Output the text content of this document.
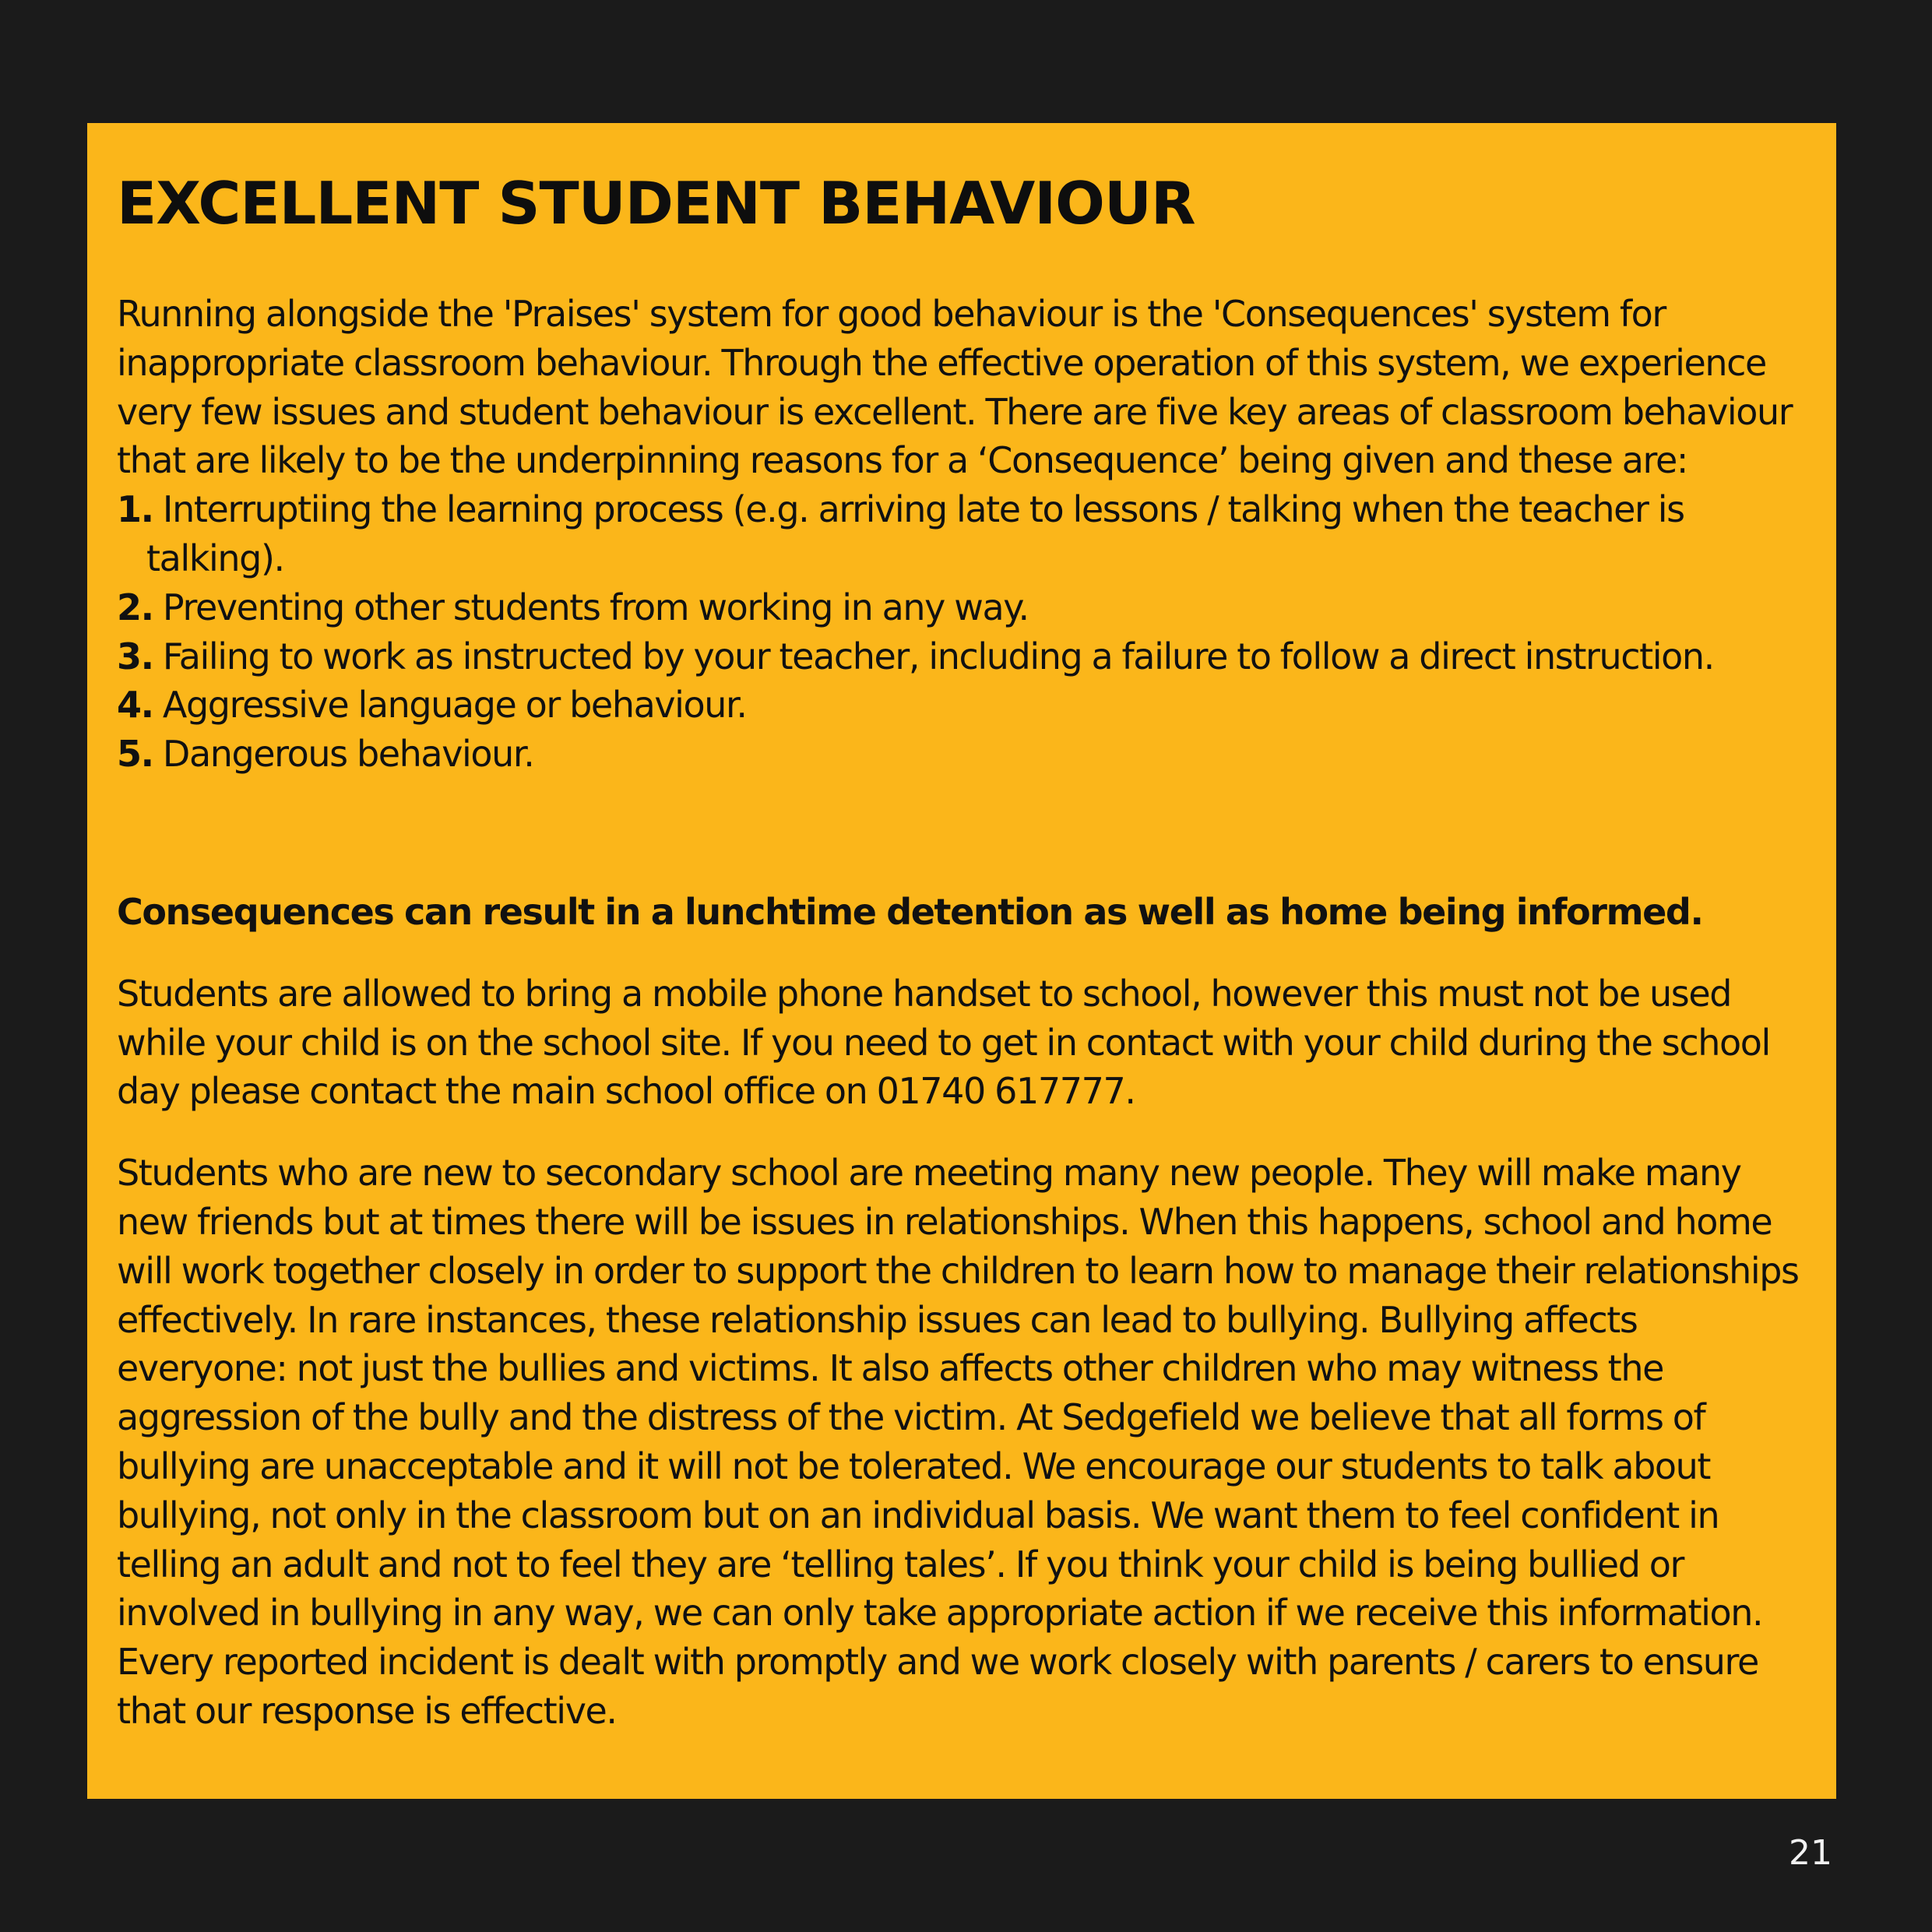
EXCELLENT STUDENT BEHAVIOUR

Running alongside the 'Praises' system for good behaviour is the 'Consequences' system for inappropriate classroom behaviour. Through the effective operation of this system, we experience very few issues and student behaviour is excellent. There are five key areas of classroom behaviour that are likely to be the underpinning reasons for a ‘Consequence’ being given and these are:

1. Interruptiing the learning process (e.g. arriving late to lessons / talking when the teacher is talking).
2. Preventing other students from working in any way.
3. Failing to work as instructed by your teacher, including a failure to follow a direct instruction.
4. Aggressive language or behaviour.
5. Dangerous behaviour.

Consequences can result in a lunchtime detention as well as home being informed.

Students are allowed to bring a mobile phone handset to school, however this must not be used while your child is on the school site. If you need to get in contact with your child during the school day please contact the main school office on 01740 617777.

Students who are new to secondary school are meeting many new people. They will make many new friends but at times there will be issues in relationships. When this happens, school and home will work together closely in order to support the children to learn how to manage their relationships effectively. In rare instances, these relationship issues can lead to bullying. Bullying affects everyone: not just the bullies and victims. It also affects other children who may witness the aggression of the bully and the distress of the victim. At Sedgefield we believe that all forms of bullying are unacceptable and it will not be tolerated. We encourage our students to talk about bullying, not only in the classroom but on an individual basis. We want them to feel confident in telling an adult and not to feel they are ‘telling tales’. If you think your child is being bullied or involved in bullying in any way, we can only take appropriate action if we receive this information. Every reported incident is dealt with promptly and we work closely with parents / carers to ensure that our response is effective.

21
